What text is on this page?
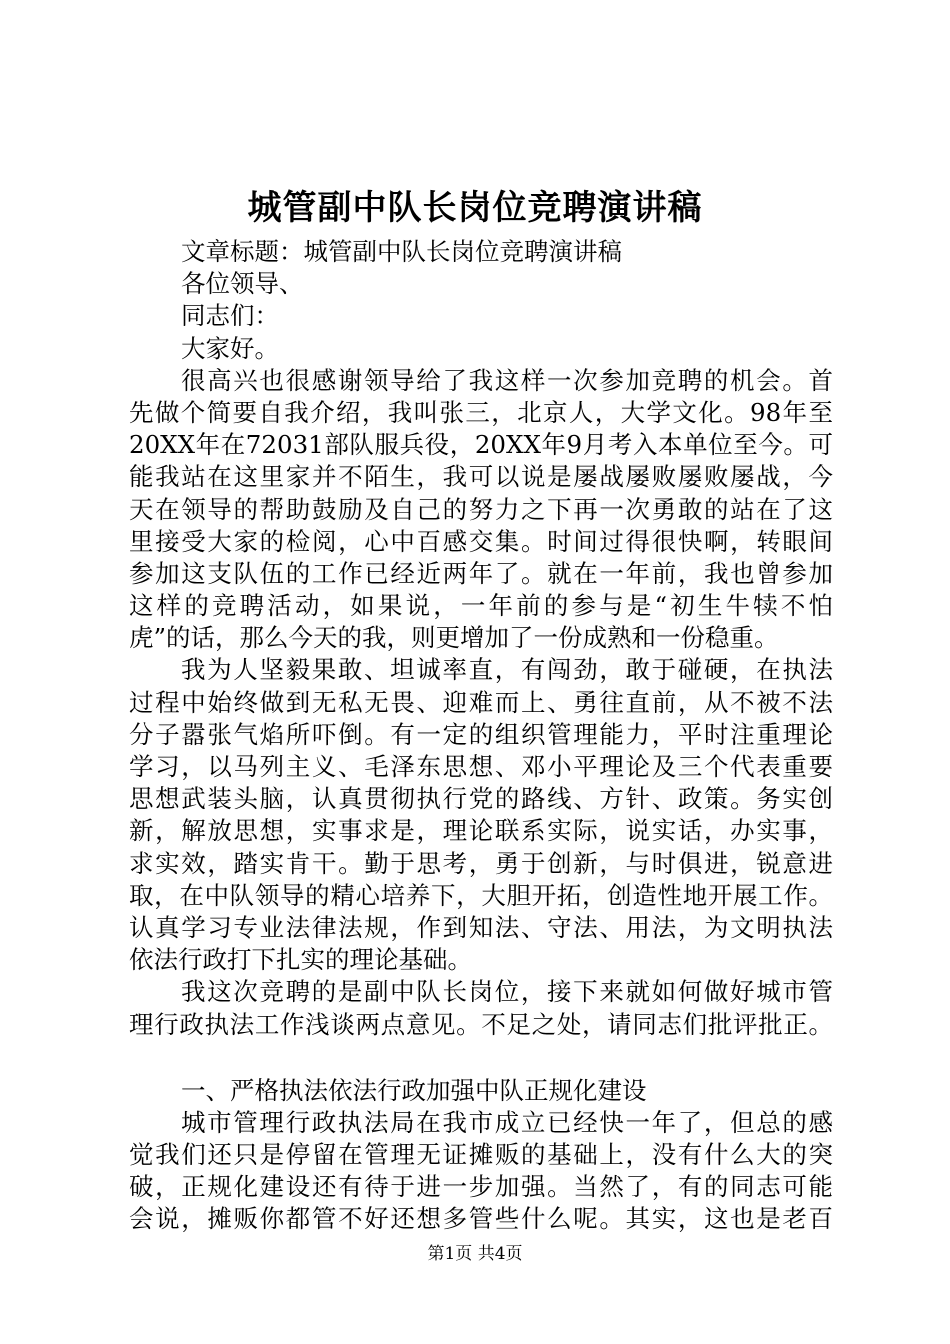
城管副中队长岗位竞聘演讲稿
文章标题：城管副中队长岗位竞聘演讲稿
各位领导、
同志们：
大家好。
很高兴也很感谢领导给了我这样一次参加竞聘的机会。首
先做个简要自我介绍，我叫张三，北京人，大学文化。98年至
20XX年在72031部队服兵役，20XX年9月考入本单位至今。可
能我站在这里家并不陌生，我可以说是屡战屡败屡败屡战，今
天在领导的帮助鼓励及自己的努力之下再一次勇敢的站在了这
里接受大家的检阅，心中百感交集。时间过得很快啊，转眼间
参加这支队伍的工作已经近两年了。就在一年前，我也曾参加
这样的竞聘活动，如果说，一年前的参与是“初生牛犊不怕
虎”的话，那么今天的我，则更增加了一份成熟和一份稳重。
我为人坚毅果敢、坦诚率直，有闯劲，敢于碰硬，在执法
过程中始终做到无私无畏、迎难而上、勇往直前，从不被不法
分子嚣张气焰所吓倒。有一定的组织管理能力，平时注重理论
学习，以马列主义、毛泽东思想、邓小平理论及三个代表重要
思想武装头脑，认真贯彻执行党的路线、方针、政策。务实创
新，解放思想，实事求是，理论联系实际，说实话，办实事，
求实效，踏实肯干。勤于思考，勇于创新，与时俱进，锐意进
取，在中队领导的精心培养下，大胆开拓，创造性地开展工作。
认真学习专业法律法规，作到知法、守法、用法，为文明执法
依法行政打下扎实的理论基础。
我这次竞聘的是副中队长岗位，接下来就如何做好城市管
理行政执法工作浅谈两点意见。不足之处，请同志们批评批正。
一、严格执法依法行政加强中队正规化建设
城市管理行政执法局在我市成立已经快一年了，但总的感
觉我们还只是停留在管理无证摊贩的基础上，没有什么大的突
破，正规化建设还有待于进一步加强。当然了，有的同志可能
会说，摊贩你都管不好还想多管些什么呢。其实，这也是老百
第1页 共4页
